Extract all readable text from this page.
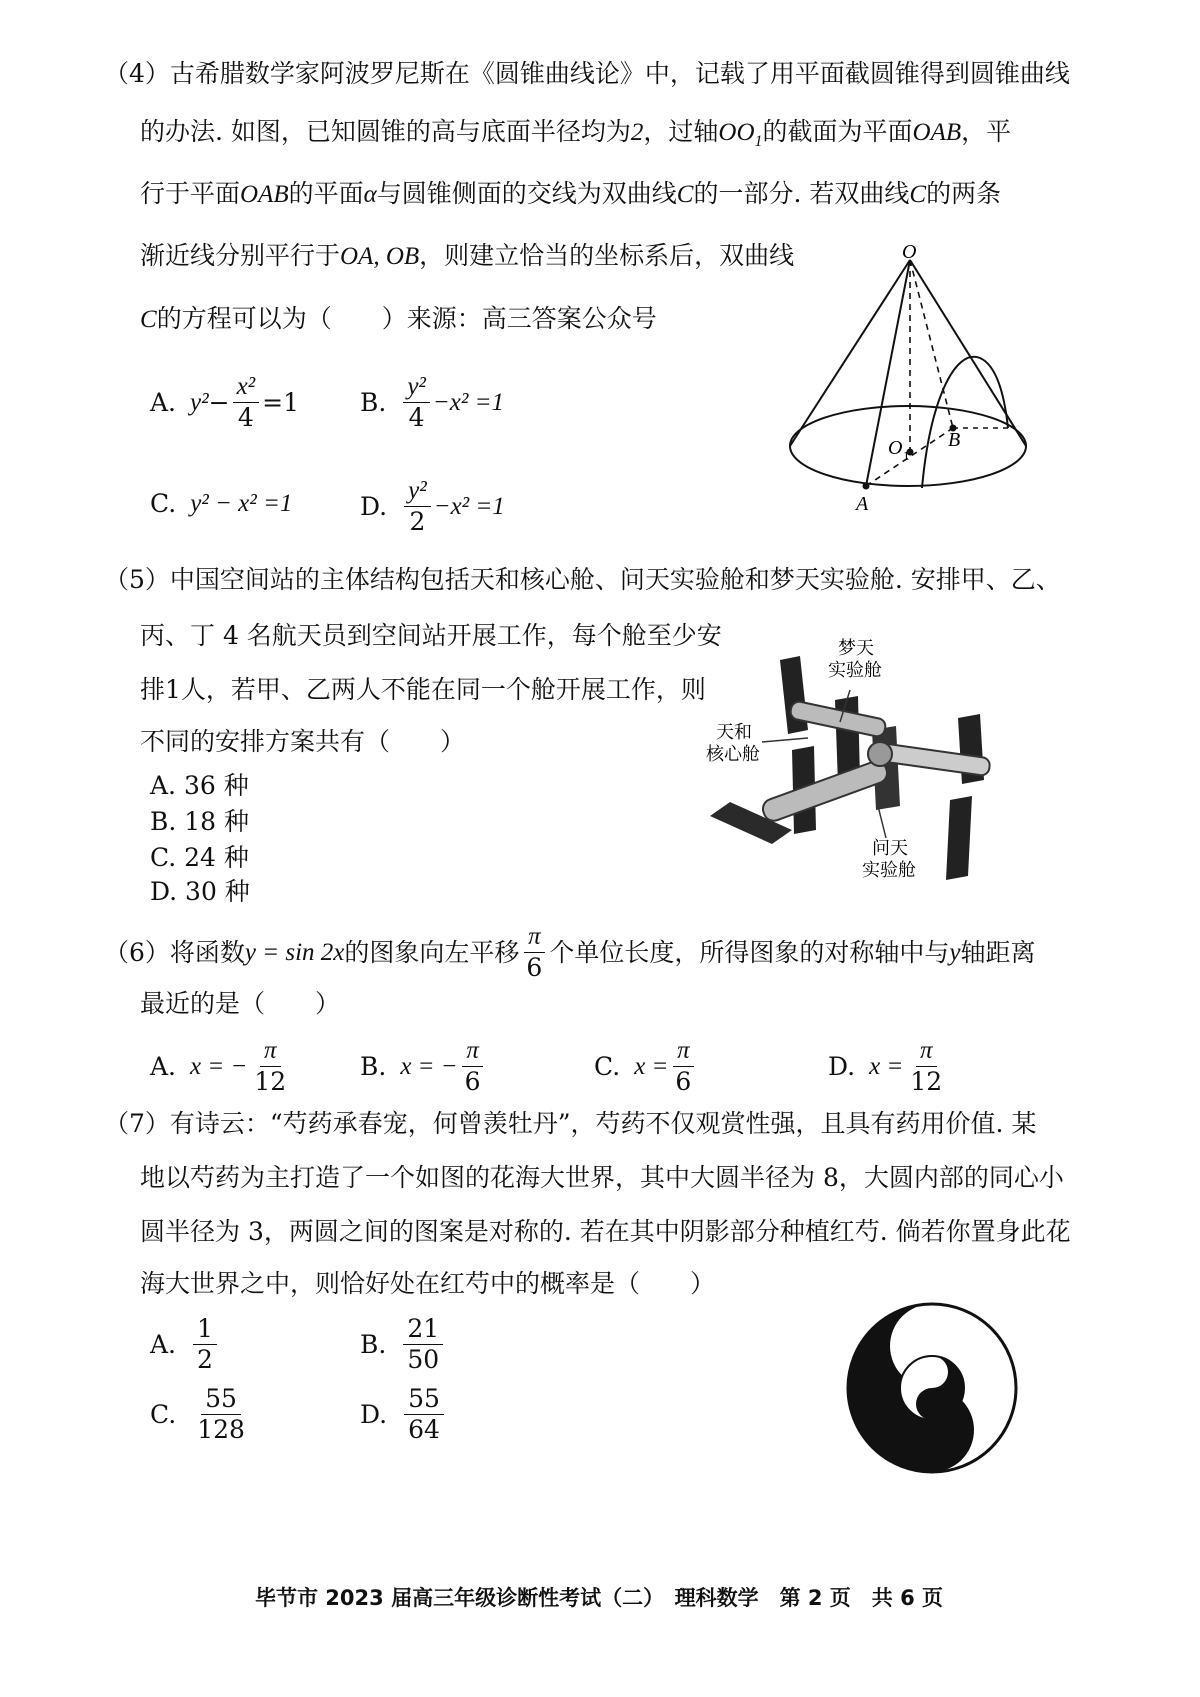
（4）古希腊数学家阿波罗尼斯在《圆锥曲线论》中，记载了用平面截圆锥得到圆锥曲线
的办法. 如图，已知圆锥的高与底面半径均为2，过轴$OO_1$的截面为平面OAB，平
行于平面OAB的平面α与圆锥侧面的交线为双曲线C的一部分. 若双曲线C的两条
渐近线分别平行于OA, OB，则建立恰当的坐标系后，双曲线
C的方程可以为（　　）来源：高三答案公众号
A. $y^2 - \frac{\text{x²}}{4} =1$ B. $\frac{\text{y²}}{4} -x^2 =1$
C. y² − x² =1	D. $\frac{\text{y²}}{2} -x^2 =1$
O
A
B
O 1
（5）中国空间站的主体结构包括天和核心舱、问天实验舱和梦天实验舱. 安排甲、乙、
丙、丁 4 名航天员到空间站开展工作，每个舱至少安
排1人，若甲、乙两人不能在同一个舱开展工作，则
不同的安排方案共有（　　）
A. 36 种
B. 18 种
C. 24 种
D. 30 种
梦天
实验舱
天和
核心舱
问天
实验舱
（6）将函数 y = sin 2x 的图象向左平移 $\frac{\pi}{6}$ 个单位长度，所得图象的对称轴中与 y 轴距离
最近的是（　　）
A. x = − $\frac{\pi}{12}$	B. x = − $\frac{\pi}{6}$	C. $x = \frac{\pi}{6}$	D. $x = \frac{\pi}{12}$
（7）有诗云：“芍药承春宠，何曾羡牡丹”，芍药不仅观赏性强，且具有药用价值. 某
地以芍药为主打造了一个如图的花海大世界，其中大圆半径为 8，大圆内部的同心小
圆半径为 3，两圆之间的图案是对称的. 若在其中阴影部分种植红芍. 倘若你置身此花
海大世界之中，则恰好处在红芍中的概率是（　　）
A. $\frac{1}{2}$	B. $\frac{21}{50}$
C. $\frac{55}{128}$	D. $\frac{55}{64}$
毕节市 2023 届高三年级诊断性考试（二）　理科数学　第 2 页　共 6 页
